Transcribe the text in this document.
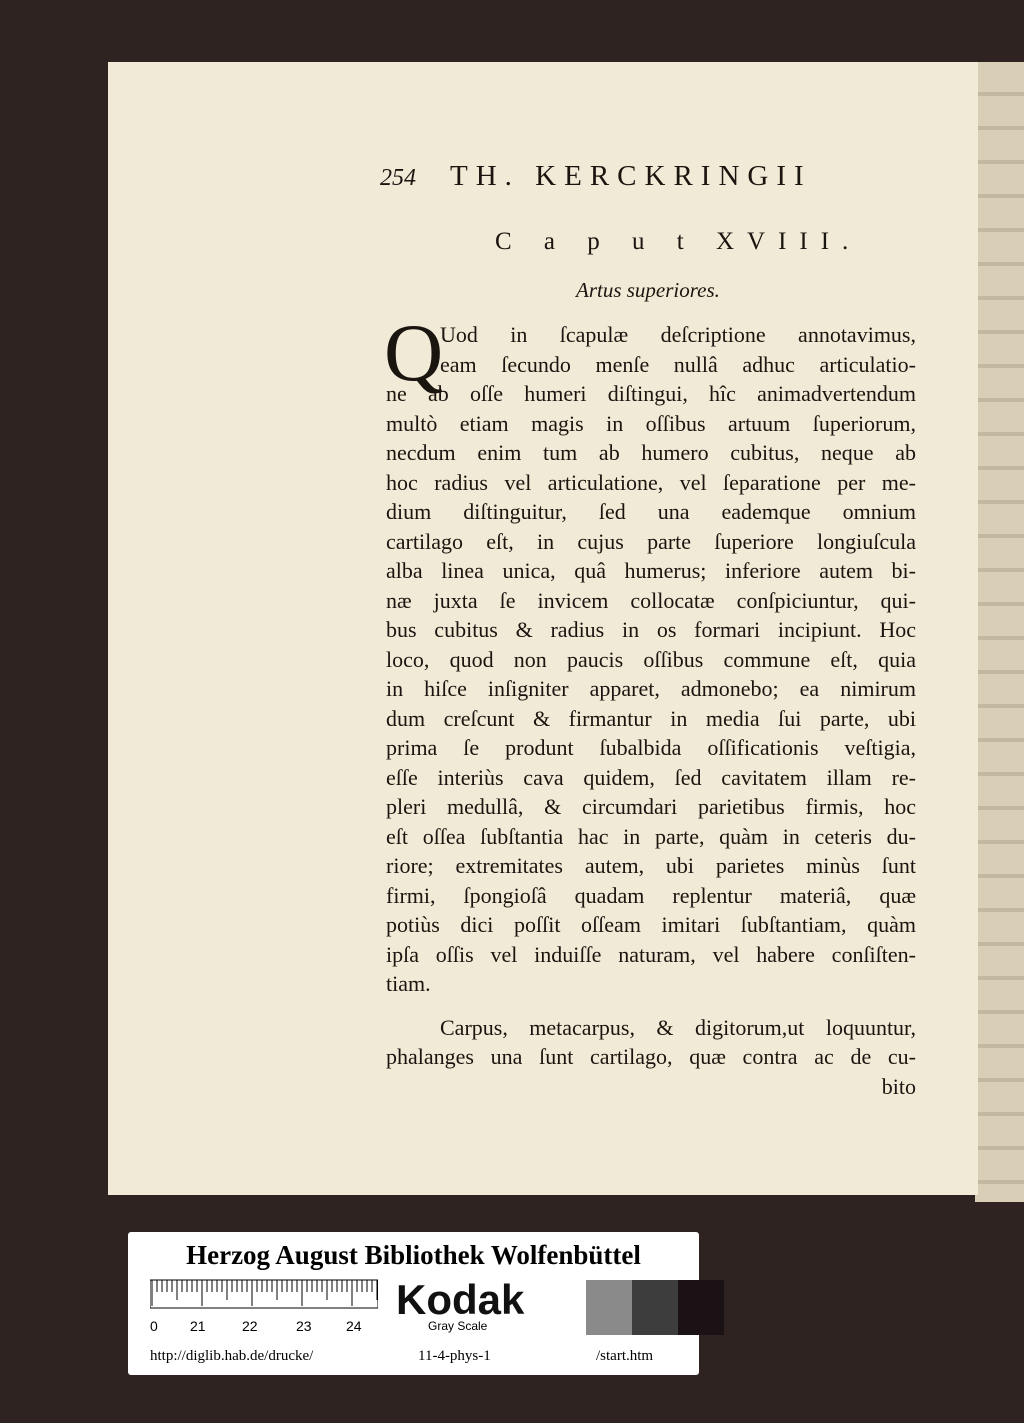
254 TH. KERCKRINGII
C a p u t XVIII.
Artus superiores.
Q
Uod in ſcapulæ deſcriptione annotavimus,
eam ſecundo menſe nullâ adhuc articulatio-
ne ab oſſe humeri diſtingui, hîc animadvertendum
multò etiam magis in oſſibus artuum ſuperiorum,
necdum enim tum ab humero cubitus, neque ab
hoc radius vel articulatione, vel ſeparatione per me-
dium diſtinguitur, ſed una eademque omnium
cartilago eſt, in cujus parte ſuperiore longiuſcula
alba linea unica, quâ humerus; inferiore autem bi-
næ juxta ſe invicem collocatæ conſpiciuntur, qui-
bus cubitus & radius in os formari incipiunt. Hoc
loco, quod non paucis oſſibus commune eſt, quia
in hiſce inſigniter apparet, admonebo; ea nimirum
dum creſcunt & firmantur in media ſui parte, ubi
prima ſe produnt ſubalbida oſſificationis veſtigia,
eſſe interiùs cava quidem, ſed cavitatem illam re-
pleri medullâ, & circumdari parietibus firmis, hoc
eſt oſſea ſubſtantia hac in parte, quàm in ceteris du-
riore; extremitates autem, ubi parietes minùs ſunt
firmi, ſpongioſâ quadam replentur materiâ, quæ
potiùs dici poſſit oſſeam imitari ſubſtantiam, quàm
ipſa oſſis vel induiſſe naturam, vel habere conſiſten-
tiam.
Carpus, metacarpus, & digitorum,ut loquuntur,
phalanges una ſunt cartilago, quæ contra ac de cu-
bito
Herzog August Bibliothek Wolfenbüttel
0 21	22	23 24
Kodak
Gray Scale
http://diglib.hab.de/drucke/	11-4-phys-1	/start.htm
